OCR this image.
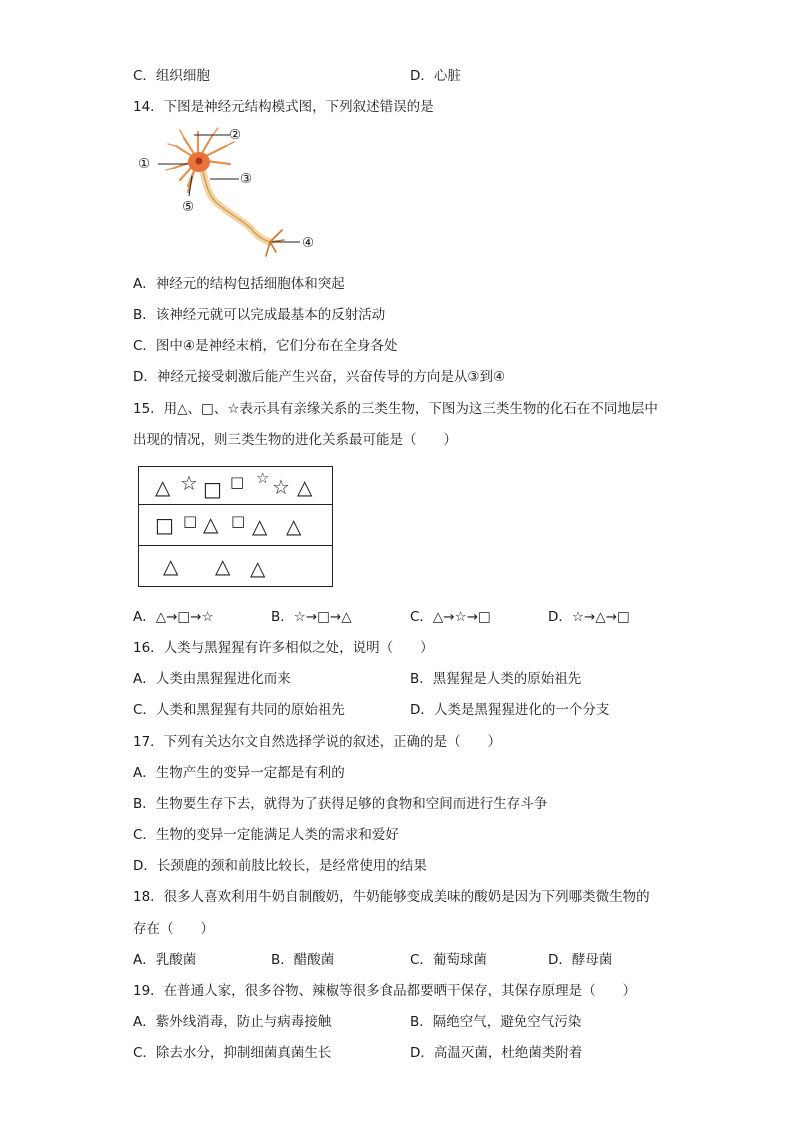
C．组织细胞	D．心脏
14．下图是神经元结构模式图，下列叙述错误的是
②
①
③
⑤
④
A．神经元的结构包括细胞体和突起
B．该神经元就可以完成最基本的反射活动
C．图中④是神经末梢，它们分布在全身各处
D．神经元接受刺激后能产生兴奋，兴奋传导的方向是从③到④
15．用△、□、☆表示具有亲缘关系的三类生物，下图为这三类生物的化石在不同地层中
出现的情况，则三类生物的进化关系最可能是（　　）
△ ☆ □ □ ☆ ☆ △

□ □ △ □ △ △

△ △ △
A．△→□→☆	B．☆→□→△	C．△→☆→□	D．☆→△→□
16．人类与黑猩猩有许多相似之处，说明（　　）
A．人类由黑猩猩进化而来	B．黑猩猩是人类的原始祖先
C．人类和黑猩猩有共同的原始祖先	D．人类是黑猩猩进化的一个分支
17．下列有关达尔文自然选择学说的叙述，正确的是（　　）
A．生物产生的变异一定都是有利的
B．生物要生存下去，就得为了获得足够的食物和空间而进行生存斗争
C．生物的变异一定能满足人类的需求和爱好
D．长颈鹿的颈和前肢比较长，是经常使用的结果
18．很多人喜欢利用牛奶自制酸奶，牛奶能够变成美味的酸奶是因为下列哪类微生物的
存在（　　）
A．乳酸菌	B．醋酸菌	C．葡萄球菌	D．酵母菌
19．在普通人家，很多谷物、辣椒等很多食品都要晒干保存，其保存原理是（　　）
A．紫外线消毒，防止与病毒接触	B．隔绝空气，避免空气污染
C．除去水分，抑制细菌真菌生长	D．高温灭菌，杜绝菌类附着
